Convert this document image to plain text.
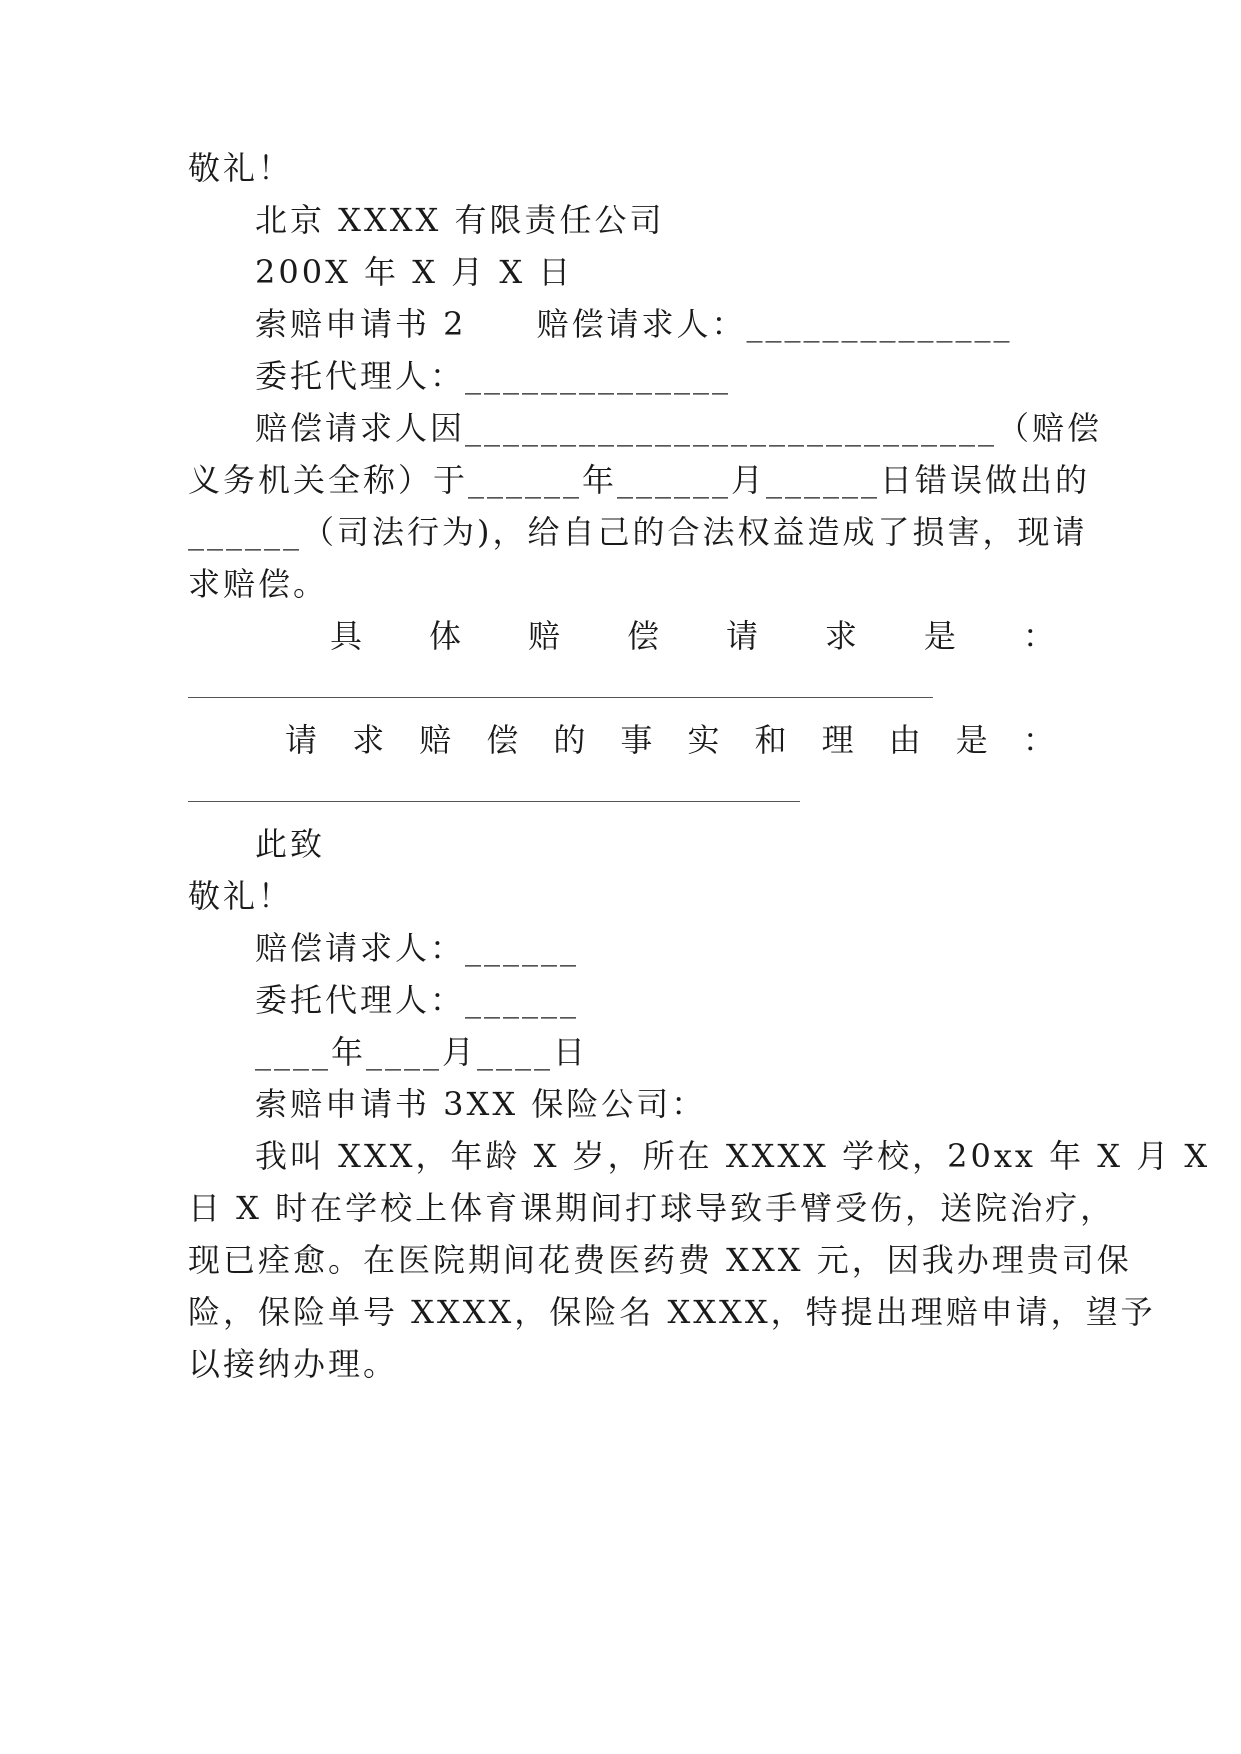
敬礼！
北京 XXXX 有限责任公司
200X 年 X 月 X 日
索赔申请书 2　　赔偿请求人：______________
委托代理人：______________
赔偿请求人因____________________________（赔偿
义务机关全称）于______年______月______日错误做出的
______（司法行为)，给自己的合法权益造成了损害，现请
求赔偿。
具 体 赔 偿 请 求 是 ：
请 求 赔 偿 的 事 实 和 理 由 是 ：
此致
敬礼！
赔偿请求人：______
委托代理人：______
____年____月____日
索赔申请书 3XX 保险公司：
我叫 XXX，年龄 X 岁，所在 XXXX 学校，20xx 年 X 月 X
日 X 时在学校上体育课期间打球导致手臂受伤，送院治疗，
现已痊愈。在医院期间花费医药费 XXX 元，因我办理贵司保
险，保险单号 XXXX，保险名 XXXX，特提出理赔申请，望予
以接纳办理。
